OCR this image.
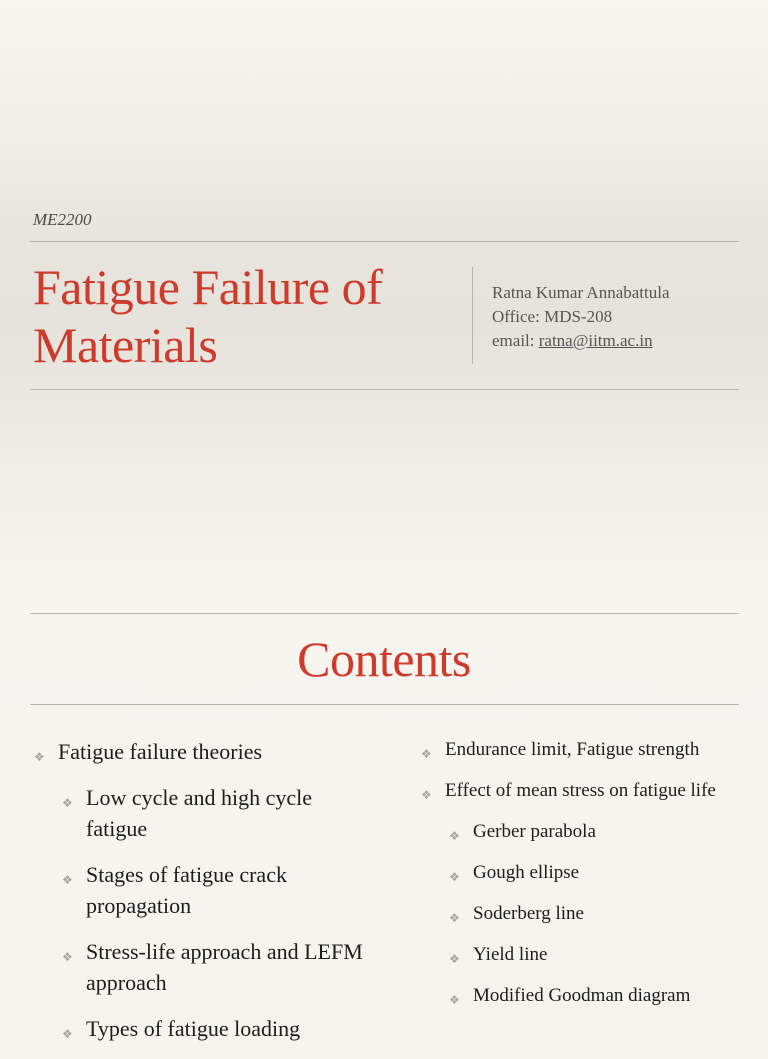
ME2200

Fatigue Failure of Materials
Ratna Kumar Annabattula
Office: MDS-208
email: ratna@iitm.ac.in
Contents
❖ Fatigue failure theories
❖ Low cycle and high cycle fatigue
❖ Stages of fatigue crack propagation
❖ Stress-life approach and LEFM approach
❖ Types of fatigue loading
❖ Endurance limit, Fatigue strength
❖ Effect of mean stress on fatigue life
❖ Gerber parabola
❖ Gough ellipse
❖ Soderberg line
❖ Yield line
❖ Modified Goodman diagram
